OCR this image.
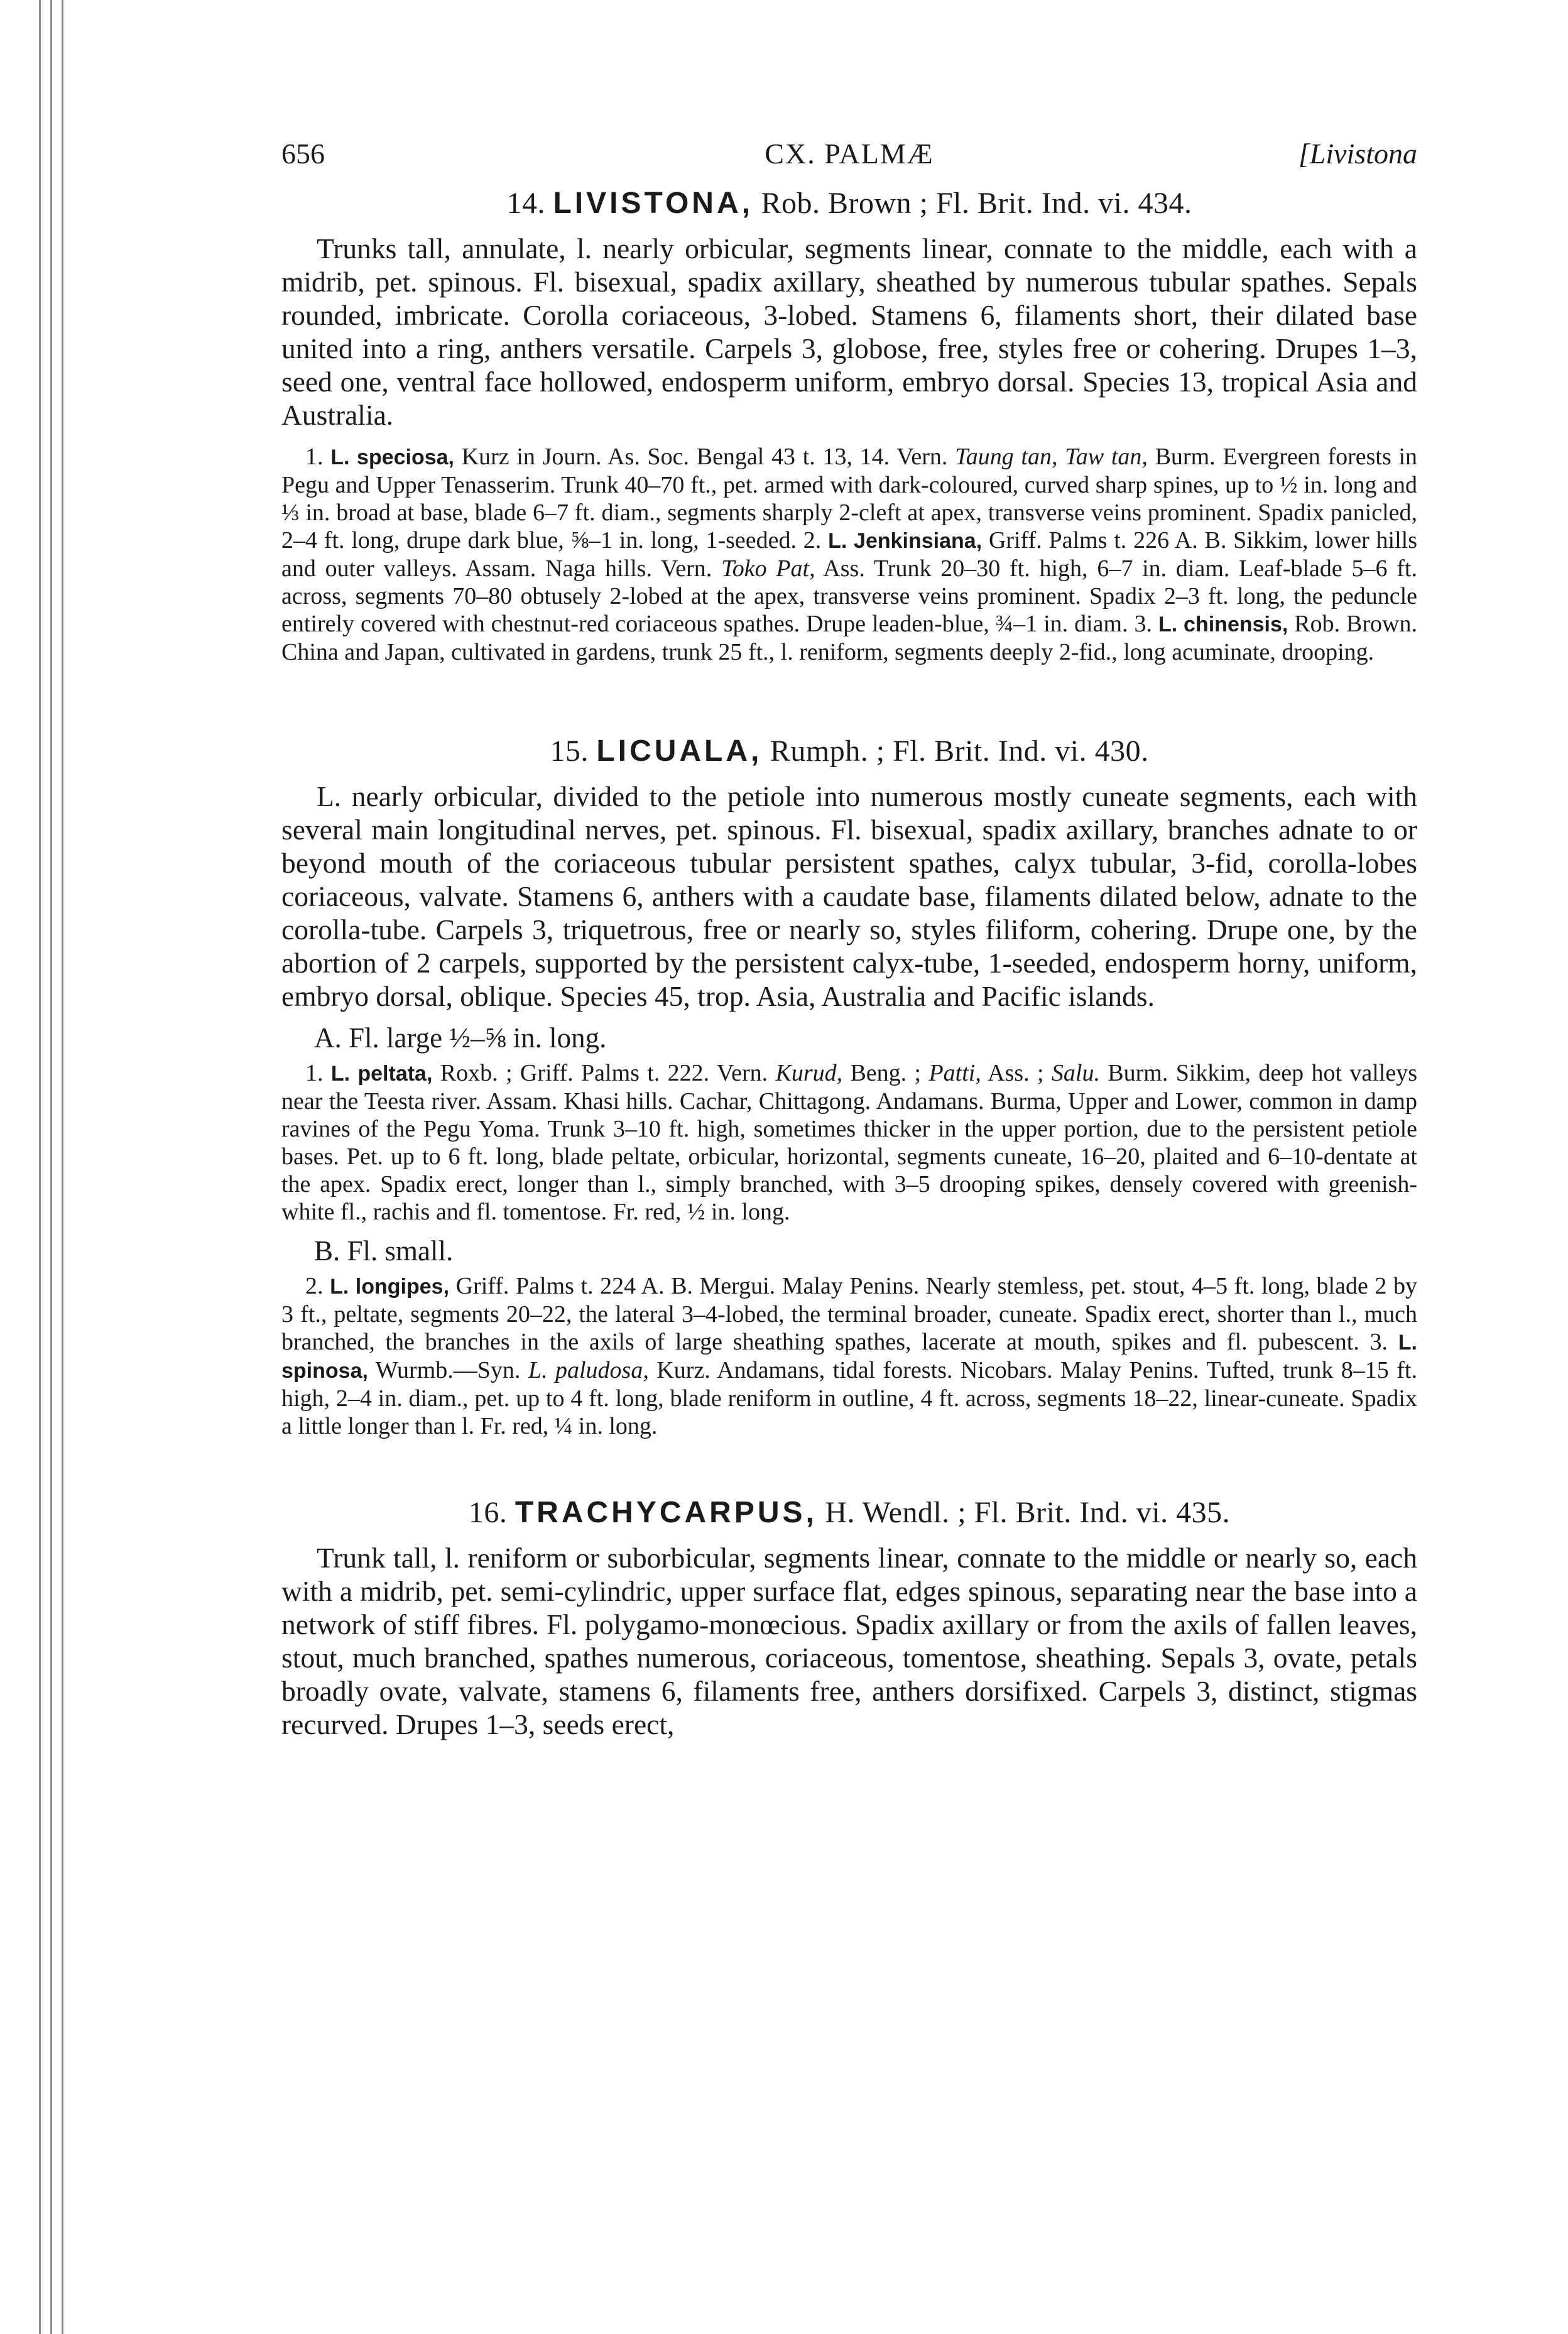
656	CX. PALMÆ	[Livistona
14. LIVISTONA, Rob. Brown ; Fl. Brit. Ind. vi. 434.

Trunks tall, annulate, l. nearly orbicular, segments linear, connate to the middle, each with a midrib, pet. spinous. Fl. bisexual, spadix axillary, sheathed by numerous tubular spathes. Sepals rounded, imbricate. Corolla coriaceous, 3-lobed. Stamens 6, filaments short, their dilated base united into a ring, anthers versatile. Carpels 3, globose, free, styles free or cohering. Drupes 1–3, seed one, ventral face hollowed, endosperm uniform, embryo dorsal. Species 13, tropical Asia and Australia.

1. L. speciosa, Kurz in Journ. As. Soc. Bengal 43 t. 13, 14. Vern. Taung tan, Taw tan, Burm. Evergreen forests in Pegu and Upper Tenasserim. Trunk 40–70 ft., pet. armed with dark-coloured, curved sharp spines, up to ½ in. long and ⅓ in. broad at base, blade 6–7 ft. diam., segments sharply 2-cleft at apex, transverse veins prominent. Spadix panicled, 2–4 ft. long, drupe dark blue, ⅝–1 in. long, 1-seeded. 2. L. Jenkinsiana, Griff. Palms t. 226 A. B. Sikkim, lower hills and outer valleys. Assam. Naga hills. Vern. Toko Pat, Ass. Trunk 20–30 ft. high, 6–7 in. diam. Leaf-blade 5–6 ft. across, segments 70–80 obtusely 2-lobed at the apex, transverse veins prominent. Spadix 2–3 ft. long, the peduncle entirely covered with chestnut-red coriaceous spathes. Drupe leaden-blue, ¾–1 in. diam. 3. L. chinensis, Rob. Brown. China and Japan, cultivated in gardens, trunk 25 ft., l. reniform, segments deeply 2-fid., long acuminate, drooping.

15. LICUALA, Rumph. ; Fl. Brit. Ind. vi. 430.

L. nearly orbicular, divided to the petiole into numerous mostly cuneate segments, each with several main longitudinal nerves, pet. spinous. Fl. bisexual, spadix axillary, branches adnate to or beyond mouth of the coriaceous tubular persistent spathes, calyx tubular, 3-fid, corolla-lobes coriaceous, valvate. Stamens 6, anthers with a caudate base, filaments dilated below, adnate to the corolla-tube. Carpels 3, triquetrous, free or nearly so, styles filiform, cohering. Drupe one, by the abortion of 2 carpels, supported by the persistent calyx-tube, 1-seeded, endosperm horny, uniform, embryo dorsal, oblique. Species 45, trop. Asia, Australia and Pacific islands.

A. Fl. large ½–⅝ in. long.

1. L. peltata, Roxb. ; Griff. Palms t. 222. Vern. Kurud, Beng. ; Patti, Ass. ; Salu. Burm. Sikkim, deep hot valleys near the Teesta river. Assam. Khasi hills. Cachar, Chittagong. Andamans. Burma, Upper and Lower, common in damp ravines of the Pegu Yoma. Trunk 3–10 ft. high, sometimes thicker in the upper portion, due to the persistent petiole bases. Pet. up to 6 ft. long, blade peltate, orbicular, horizontal, segments cuneate, 16–20, plaited and 6–10-dentate at the apex. Spadix erect, longer than l., simply branched, with 3–5 drooping spikes, densely covered with greenish-white fl., rachis and fl. tomentose. Fr. red, ½ in. long.

B. Fl. small.

2. L. longipes, Griff. Palms t. 224 A. B. Mergui. Malay Penins. Nearly stemless, pet. stout, 4–5 ft. long, blade 2 by 3 ft., peltate, segments 20–22, the lateral 3–4-lobed, the terminal broader, cuneate. Spadix erect, shorter than l., much branched, the branches in the axils of large sheathing spathes, lacerate at mouth, spikes and fl. pubescent. 3. L. spinosa, Wurmb.—Syn. L. paludosa, Kurz. Andamans, tidal forests. Nicobars. Malay Penins. Tufted, trunk 8–15 ft. high, 2–4 in. diam., pet. up to 4 ft. long, blade reniform in outline, 4 ft. across, segments 18–22, linear-cuneate. Spadix a little longer than l. Fr. red, ¼ in. long.

16. TRACHYCARPUS, H. Wendl. ; Fl. Brit. Ind. vi. 435.

Trunk tall, l. reniform or suborbicular, segments linear, connate to the middle or nearly so, each with a midrib, pet. semi-cylindric, upper surface flat, edges spinous, separating near the base into a network of stiff fibres. Fl. polygamo-monœcious. Spadix axillary or from the axils of fallen leaves, stout, much branched, spathes numerous, coriaceous, tomentose, sheathing. Sepals 3, ovate, petals broadly ovate, valvate, stamens 6, filaments free, anthers dorsifixed. Carpels 3, distinct, stigmas recurved. Drupes 1–3, seeds erect,
